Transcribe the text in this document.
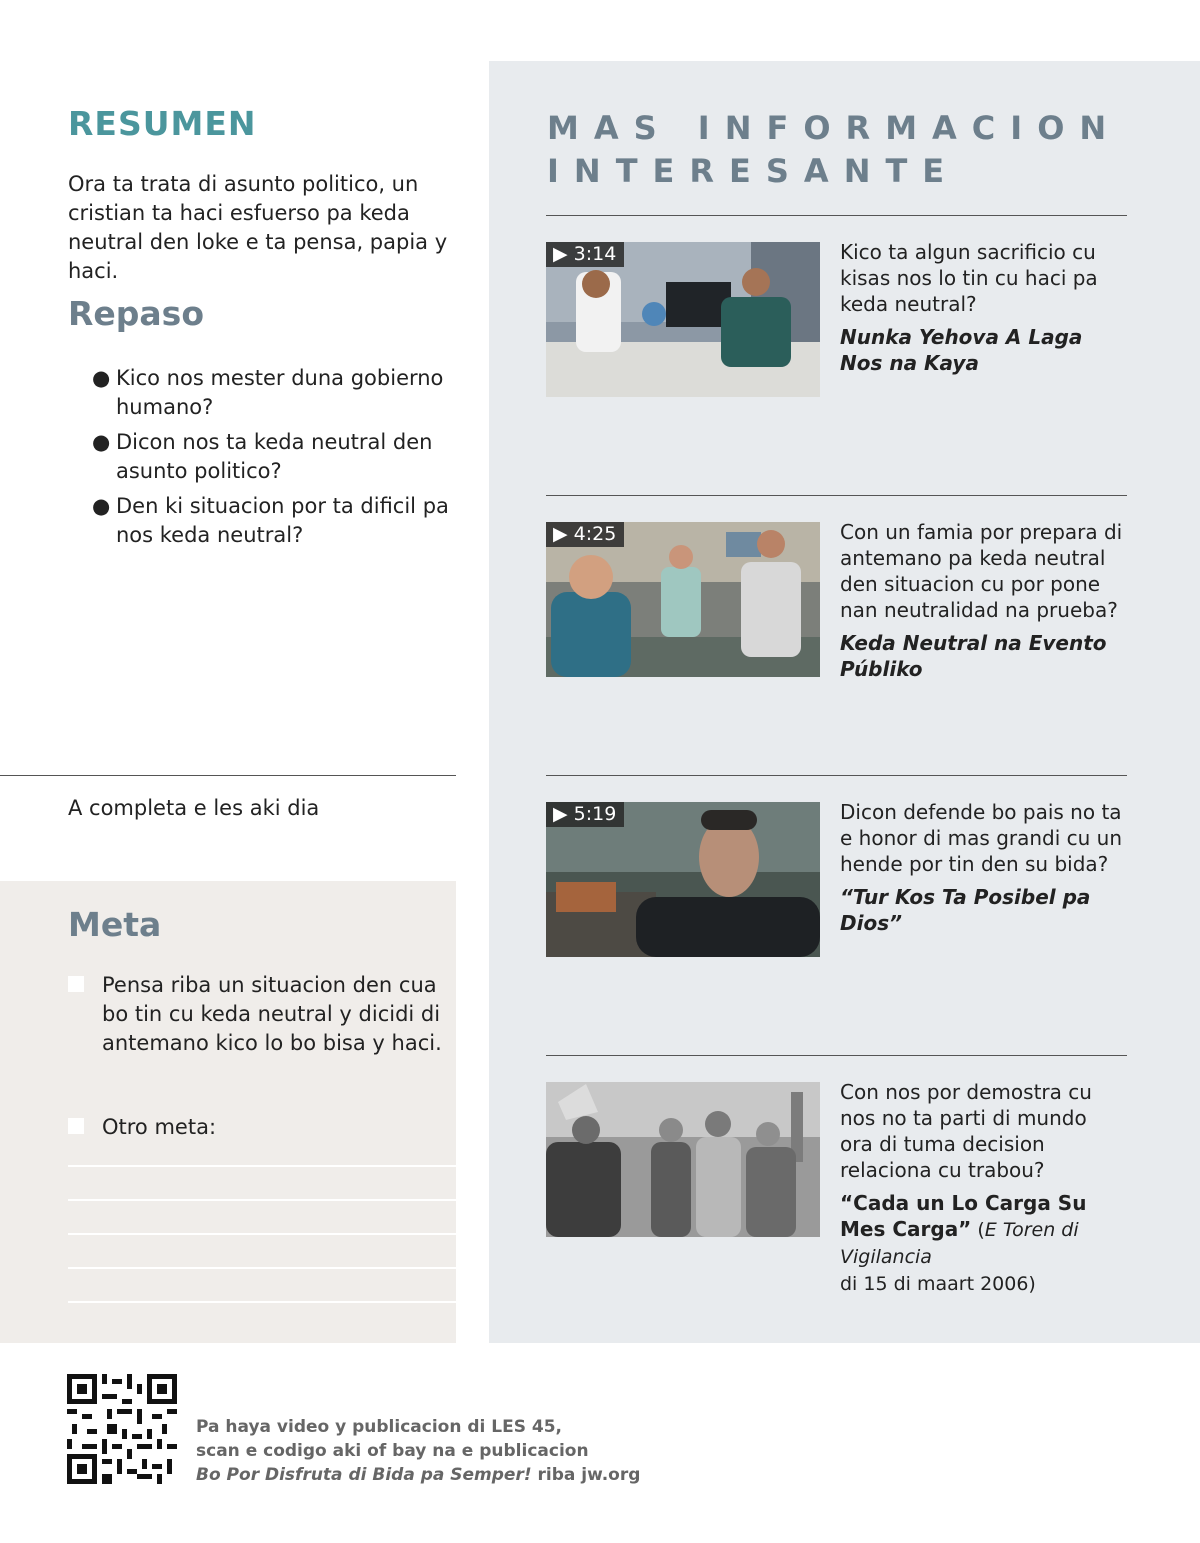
RESUMEN

Ora ta trata di asunto politico, un cristian ta haci esfuerso pa keda neutral den loke e ta pensa, papia y haci.

Repaso
● Kico nos mester duna gobierno humano?
● Dicon nos ta keda neutral den asunto politico?
● Den ki situacion por ta dificil pa nos keda neutral?
A completa e les aki dia
Meta
Pensa riba un situacion den cua bo tin cu keda neutral y dicidi di antemano kico lo bo bisa y haci.
Otro meta:
MAS INFORMACION
INTERESANTE
▶ 3:14	Kico ta algun sacrificio cu kisas nos lo tin cu haci pa keda neutral?
Nunka Yehova A Laga Nos na Kaya
▶ 4:25	Con un famia por prepara di antemano pa keda neutral den situacion cu por pone nan neutralidad na prueba?
Keda Neutral na Evento Públiko
▶ 5:19	Dicon defende bo pais no ta e honor di mas grandi cu un hende por tin den su bida?
“Tur Kos Ta Posibel pa Dios”
Con nos por demostra cu nos no ta parti di mundo ora di tuma decision relaciona cu trabou?
“Cada un Lo Carga Su Mes Carga” (E Toren di Vigilancia
di 15 di maart 2006)
Pa haya video y publicacion di LES 45,
scan e codigo aki of bay na e publicacion
Bo Por Disfruta di Bida pa Semper! riba jw.org
